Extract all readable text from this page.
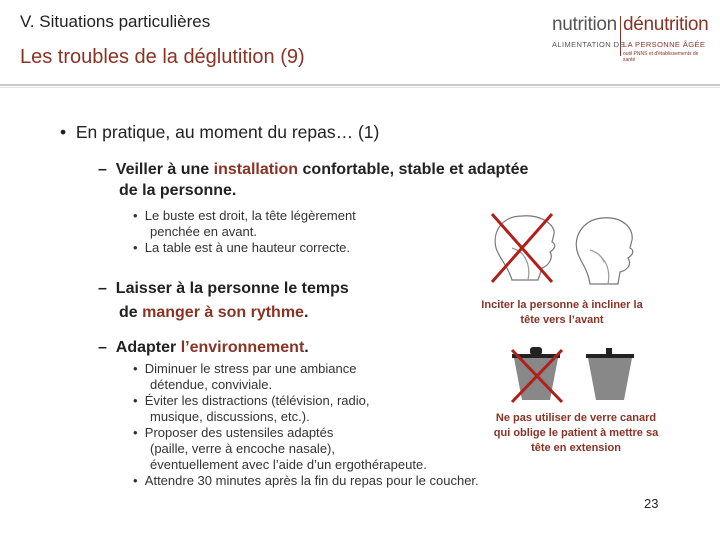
V. Situations particulières
Les troubles de la déglutition (9)
nutrition dénutrition
ALIMENTATION DE
LA PERSONNE ÂGÉE
outil PNNS et d'établissements de santé
• En pratique, au moment du repas… (1)
–  Veiller à une installation confortable, stable et adaptée
de la personne.
•  Le buste est droit, la tête légèrement
penchée en avant.
•  La table est à une hauteur correcte.
–  Laisser à la personne le temps
de manger à son rythme.
–  Adapter l’environnement.
•  Diminuer le stress par une ambiance
détendue, conviviale.
•  Éviter les distractions (télévision, radio,
musique, discussions, etc.).
•  Proposer des ustensiles adaptés
(paille, verre à encoche nasale),
éventuellement avec l’aide d’un ergothérapeute.
•  Attendre 30 minutes après la fin du repas pour le coucher.
Inciter la personne à incliner la
tête vers l’avant
Ne pas utiliser de verre canard
qui oblige le patient à mettre sa
tête en extension
23
